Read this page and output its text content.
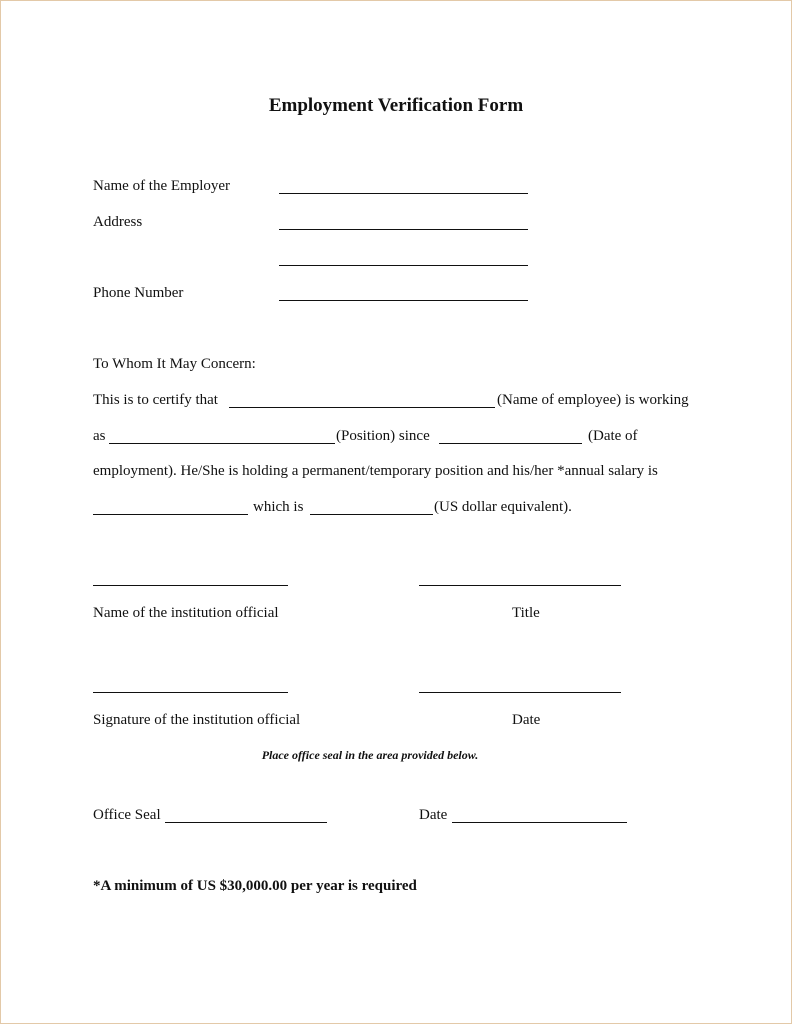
Employment Verification Form
Name of the Employer
Address
Phone Number
To Whom It May Concern:
This is to certify that	(Name of employee) is working
as	(Position) since	(Date of
employment). He/She is holding a permanent/temporary position and his/her *annual salary is
which is	(US dollar equivalent).
Name of the institution official	Title
Signature of the institution official	Date
Place office seal in the area provided below.
Office Seal	Date
*A minimum of US $30,000.00 per year is required
